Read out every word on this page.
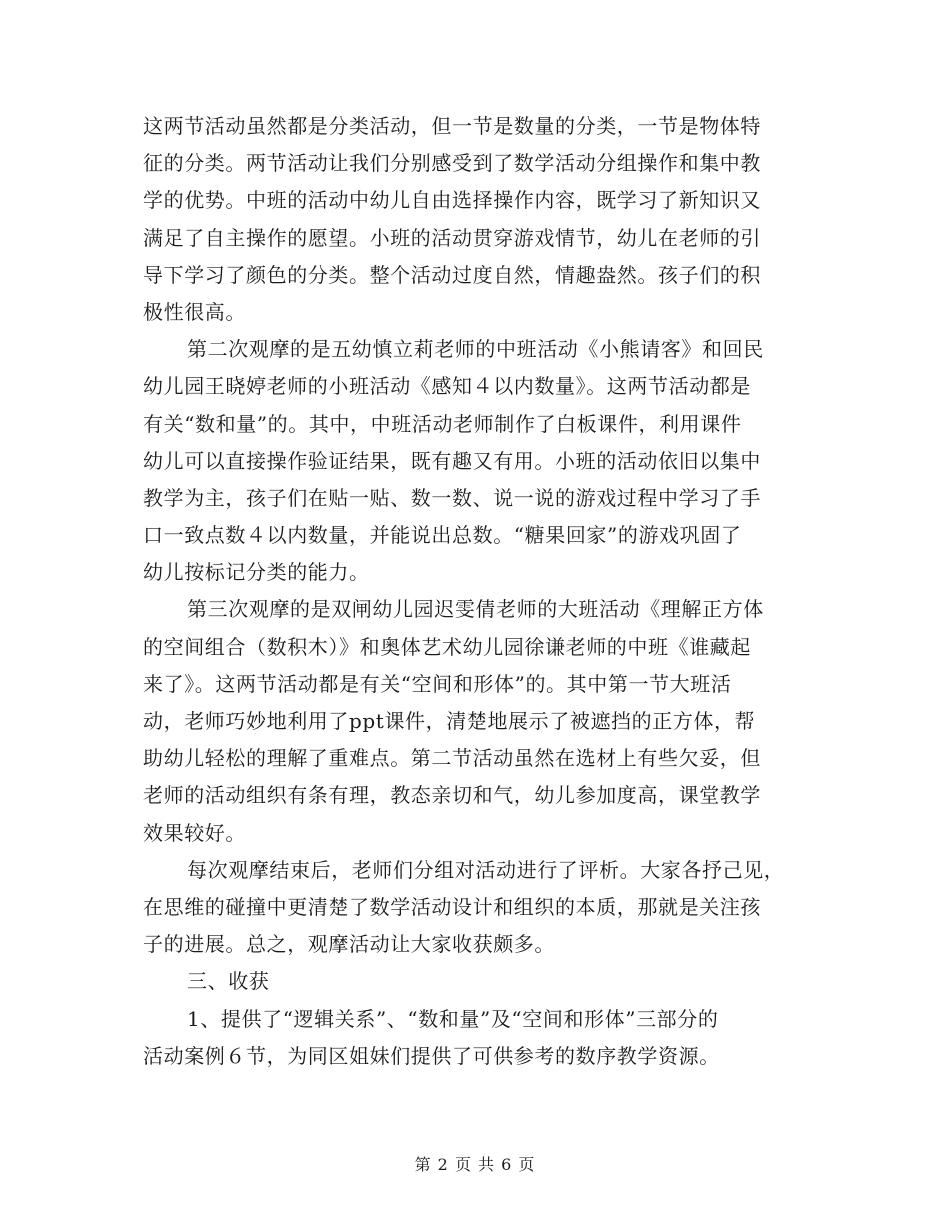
这两节活动虽然都是分类活动，但一节是数量的分类，一节是物体特
征的分类。两节活动让我们分别感受到了数学活动分组操作和集中教
学的优势。中班的活动中幼儿自由选择操作内容，既学习了新知识又
满足了自主操作的愿望。小班的活动贯穿游戏情节，幼儿在老师的引
导下学习了颜色的分类。整个活动过度自然，情趣盎然。孩子们的积
极性很高。
第二次观摩的是五幼慎立莉老师的中班活动《小熊请客》和回民
幼儿园王晓婷老师的小班活动《感知４以内数量》。这两节活动都是
有关“数和量”的。其中，中班活动老师制作了白板课件，利用课件
幼儿可以直接操作验证结果，既有趣又有用。小班的活动依旧以集中
教学为主，孩子们在贴一贴、数一数、说一说的游戏过程中学习了手
口一致点数４以内数量，并能说出总数。“糖果回家”的游戏巩固了
幼儿按标记分类的能力。
第三次观摩的是双闸幼儿园迟雯倩老师的大班活动《理解正方体
的空间组合（数积木）》和奥体艺术幼儿园徐谦老师的中班《谁藏起
来了》。这两节活动都是有关“空间和形体”的。其中第一节大班活
动，老师巧妙地利用了ppt课件，清楚地展示了被遮挡的正方体，帮
助幼儿轻松的理解了重难点。第二节活动虽然在选材上有些欠妥，但
老师的活动组织有条有理，教态亲切和气，幼儿参加度高，课堂教学
效果较好。
每次观摩结束后，老师们分组对活动进行了评析。大家各抒己见，
在思维的碰撞中更清楚了数学活动设计和组织的本质，那就是关注孩
子的进展。总之，观摩活动让大家收获颇多。
三、收获
1、提供了“逻辑关系”、“数和量”及“空间和形体”三部分的
活动案例６节，为同区姐妹们提供了可供参考的数序教学资源。
第 2 页 共 6 页
